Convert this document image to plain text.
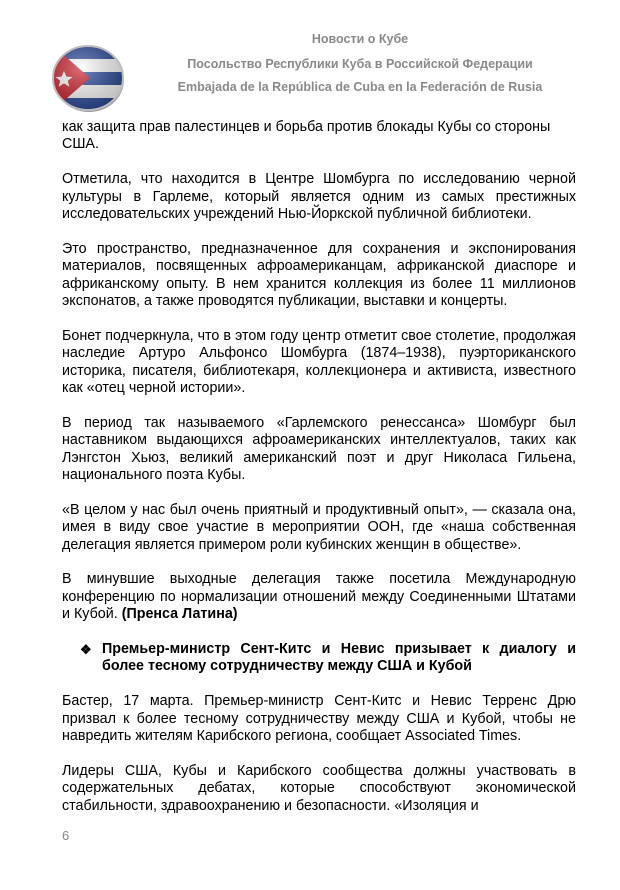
Новости о Кубе
Посольство Республики Куба в Российской Федерации
Embajada de la República de Cuba en la Federación de Rusia

как защита прав палестинцев и борьба против блокады Кубы со стороны США.

Отметила, что находится в Центре Шомбурга по исследованию черной культуры в Гарлеме, который является одним из самых престижных исследовательских учреждений Нью-Йоркской публичной библиотеки.

Это пространство, предназначенное для сохранения и экспонирования материалов, посвященных афроамериканцам, африканской диаспоре и африканскому опыту. В нем хранится коллекция из более 11 миллионов экспонатов, а также проводятся публикации, выставки и концерты.

Бонет подчеркнула, что в этом году центр отметит свое столетие, продолжая наследие Артуро Альфонсо Шомбурга (1874–1938), пуэрториканского историка, писателя, библиотекаря, коллекционера и активиста, известного как «отец черной истории».

В период так называемого «Гарлемского ренессанса» Шомбург был наставником выдающихся афроамериканских интеллектуалов, таких как Лэнгстон Хьюз, великий американский поэт и друг Николаса Гильена, национального поэта Кубы.

«В целом у нас был очень приятный и продуктивный опыт», — сказала она, имея в виду свое участие в мероприятии ООН, где «наша собственная делегация является примером роли кубинских женщин в обществе».

В минувшие выходные делегация также посетила Международную конференцию по нормализации отношений между Соединенными Штатами и Кубой. (Пренса Латина)

❖ Премьер-министр Сент-Китс и Невис призывает к диалогу и более тесному сотрудничеству между США и Кубой

Бастер, 17 марта. Премьер-министр Сент-Китс и Невис Терренс Дрю призвал к более тесному сотрудничеству между США и Кубой, чтобы не навредить жителям Карибского региона, сообщает Associated Times.

Лидеры США, Кубы и Карибского сообщества должны участвовать в содержательных дебатах, которые способствуют экономической стабильности, здравоохранению и безопасности. «Изоляция и

6
